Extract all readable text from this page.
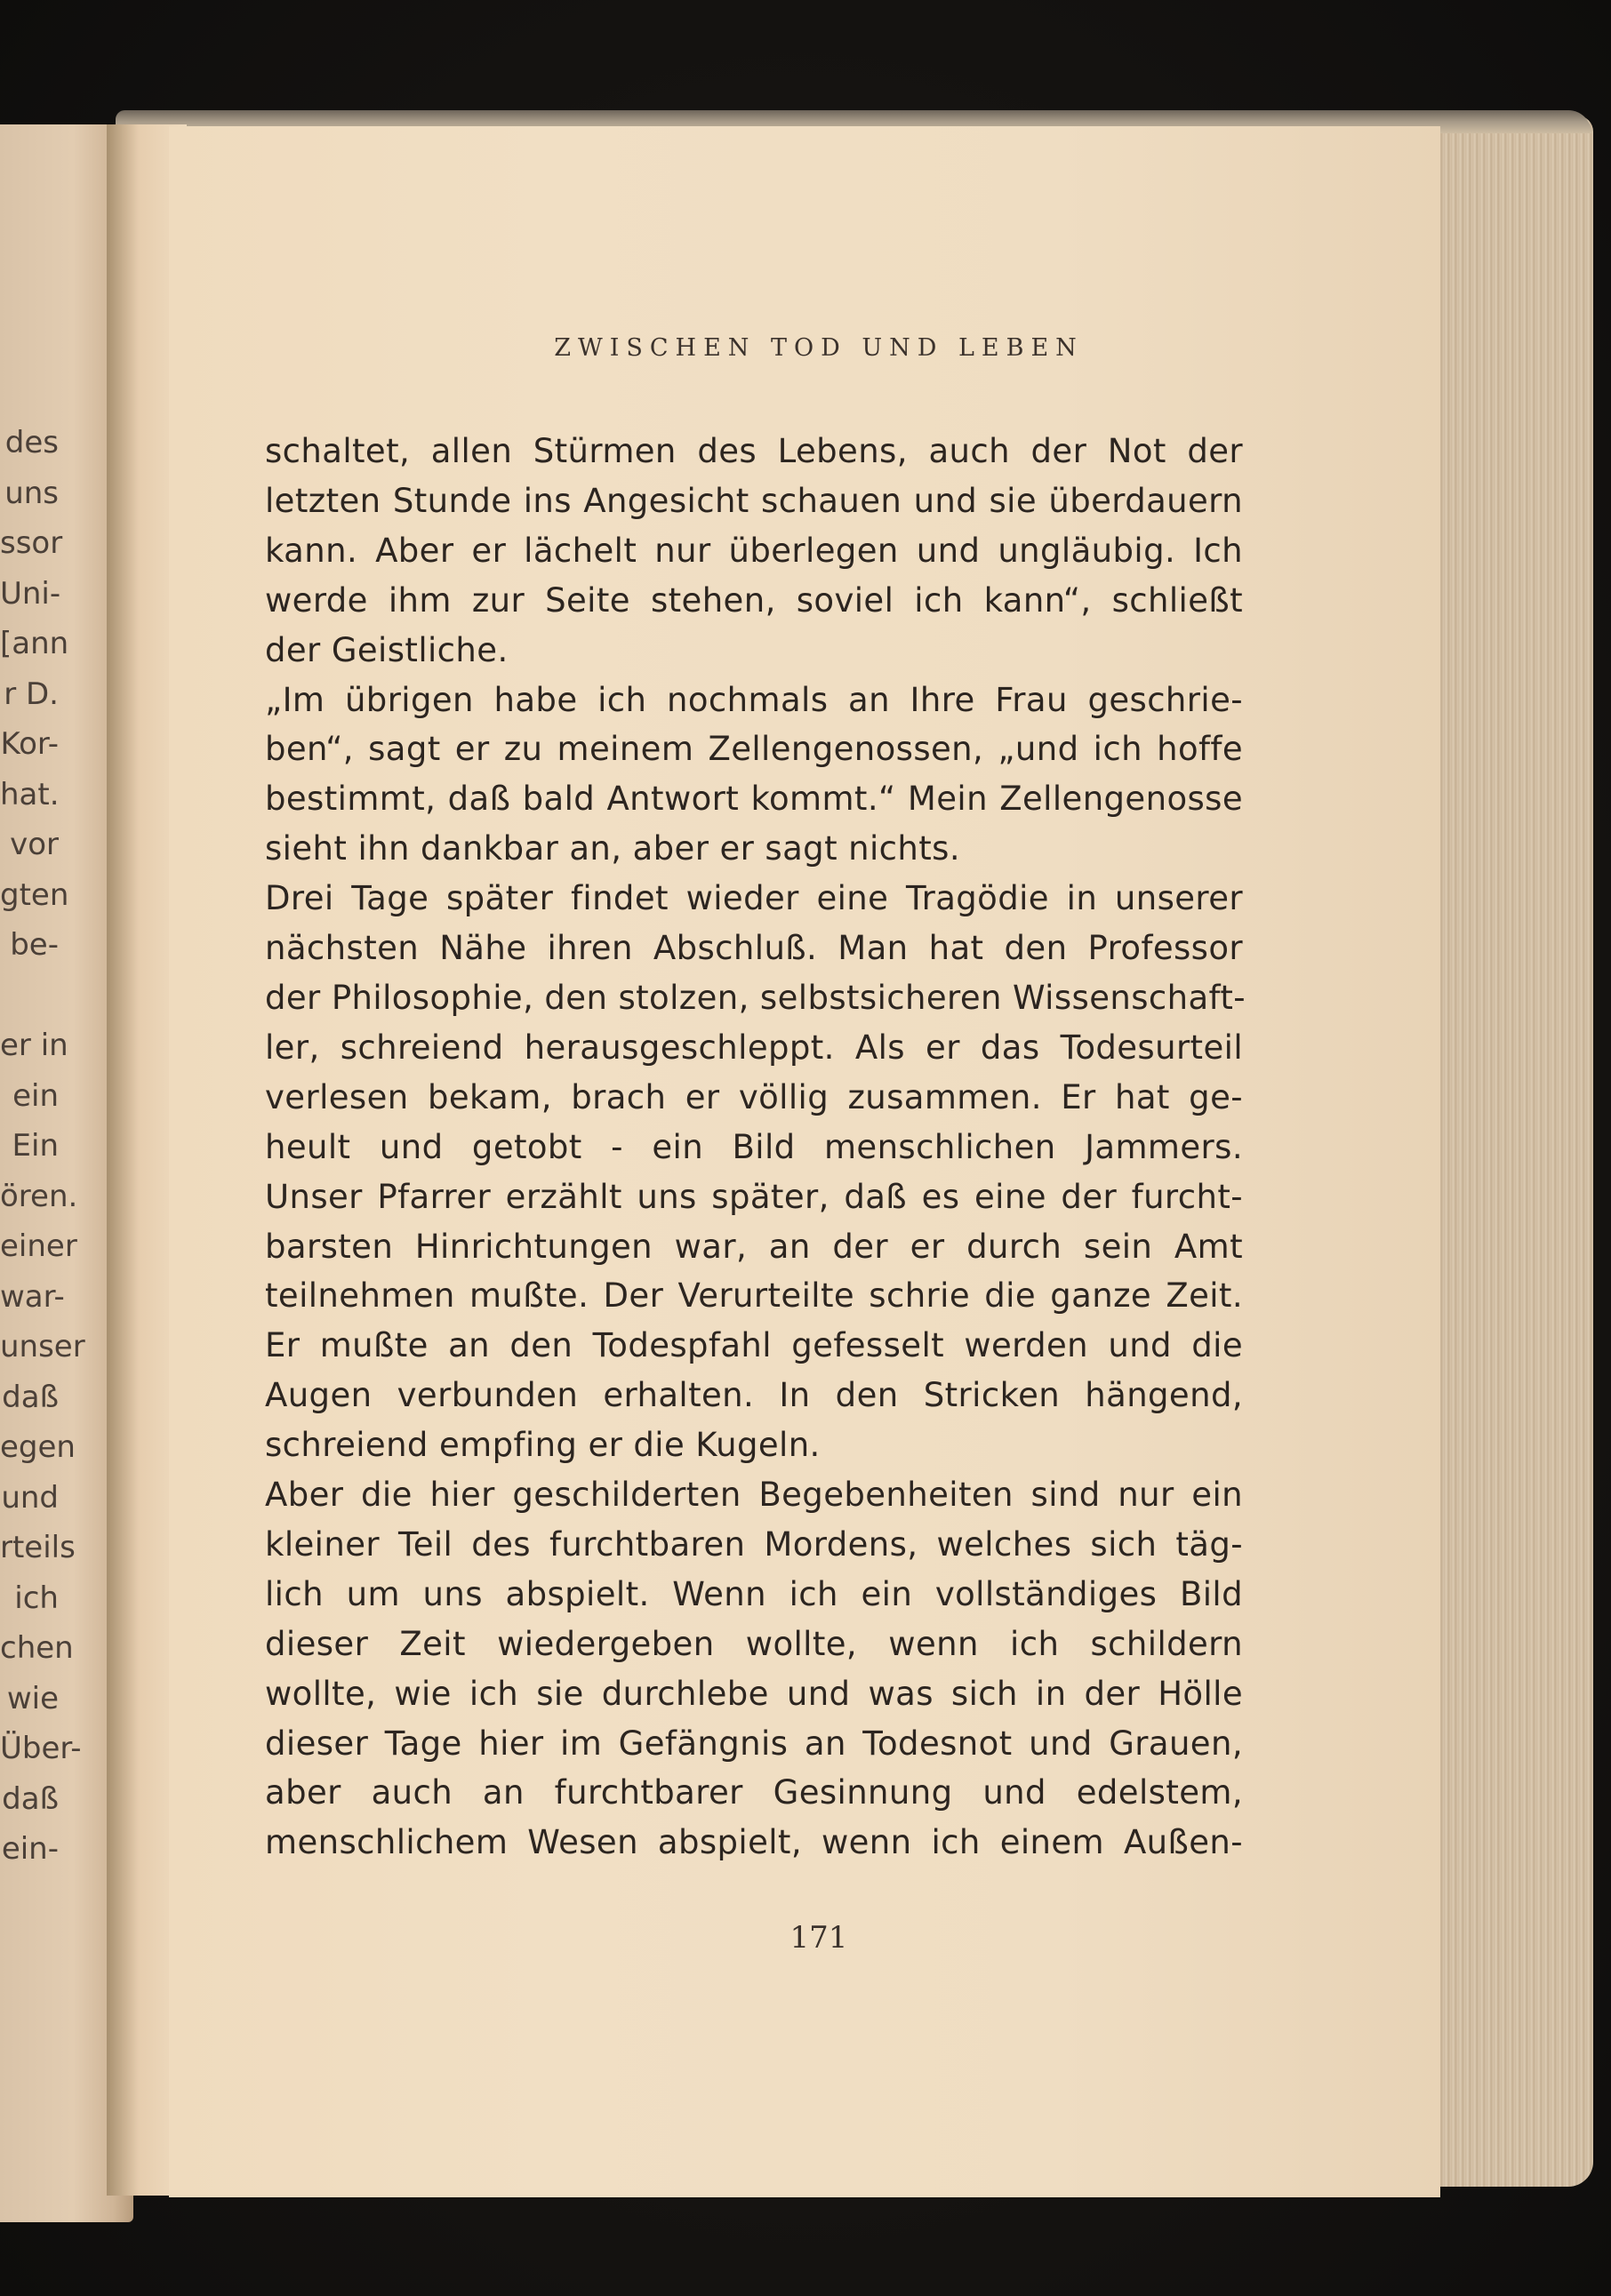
des
uns
ssor
Uni-
[ann
r D.
Kor-
hat.
vor
gten
be-
er in
ein
Ein
ören.
einer
war-
unser
daß
egen
und
rteils
ich
chen
wie
Über-
daß
ein-
ZWISCHEN TOD UND LEBEN
schaltet, allen Stürmen des Lebens, auch der Not der
letzten Stunde ins Angesicht schauen und sie überdauern
kann. Aber er lächelt nur überlegen und ungläubig. Ich
werde ihm zur Seite stehen, soviel ich kann“, schließt
der Geistliche.
„Im übrigen habe ich nochmals an Ihre Frau geschrie-
ben“, sagt er zu meinem Zellengenossen, „und ich hoffe
bestimmt, daß bald Antwort kommt.“ Mein Zellengenosse
sieht ihn dankbar an, aber er sagt nichts.
Drei Tage später findet wieder eine Tragödie in unserer
nächsten Nähe ihren Abschluß. Man hat den Professor
der Philosophie, den stolzen, selbstsicheren Wissenschaft-
ler, schreiend herausgeschleppt. Als er das Todesurteil
verlesen bekam, brach er völlig zusammen. Er hat ge-
heult und getobt - ein Bild menschlichen Jammers.
Unser Pfarrer erzählt uns später, daß es eine der furcht-
barsten Hinrichtungen war, an der er durch sein Amt
teilnehmen mußte. Der Verurteilte schrie die ganze Zeit.
Er mußte an den Todespfahl gefesselt werden und die
Augen verbunden erhalten. In den Stricken hängend,
schreiend empfing er die Kugeln.
Aber die hier geschilderten Begebenheiten sind nur ein
kleiner Teil des furchtbaren Mordens, welches sich täg-
lich um uns abspielt. Wenn ich ein vollständiges Bild
dieser Zeit wiedergeben wollte, wenn ich schildern
wollte, wie ich sie durchlebe und was sich in der Hölle
dieser Tage hier im Gefängnis an Todesnot und Grauen,
aber auch an furchtbarer Gesinnung und edelstem,
menschlichem Wesen abspielt, wenn ich einem Außen-
171
